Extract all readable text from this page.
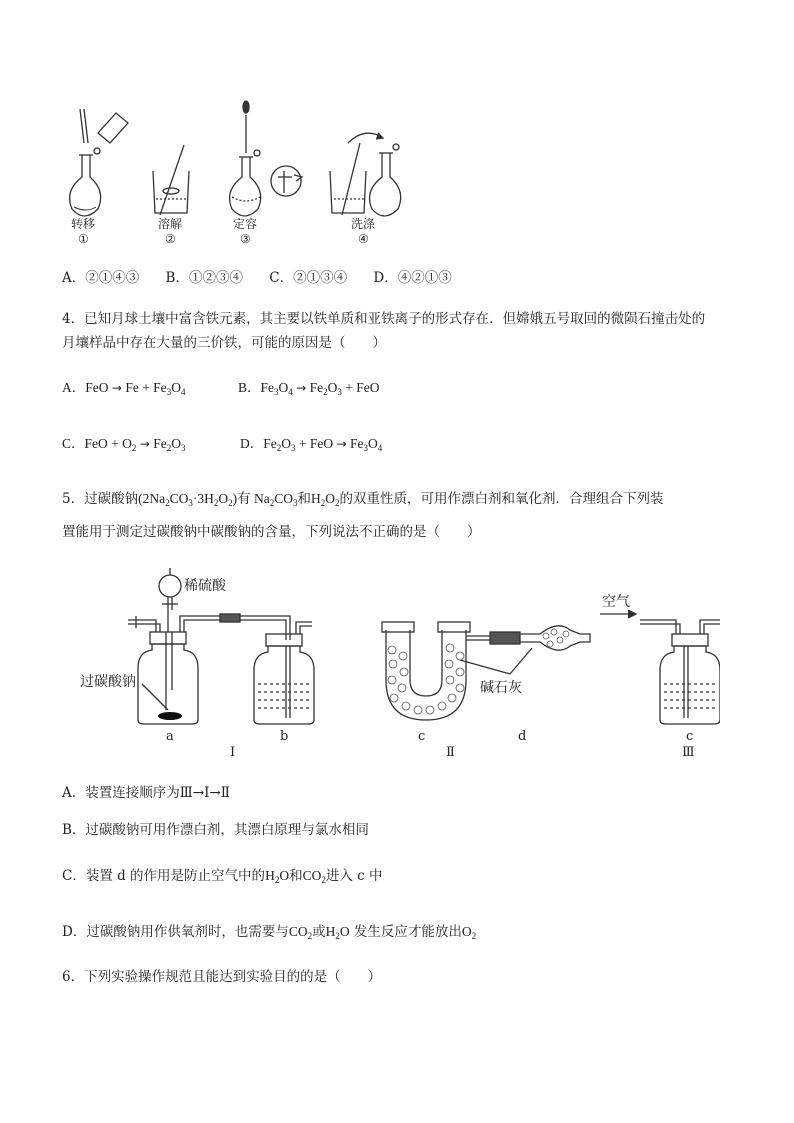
转移
①
溶解
②
定容
③
洗涤
④
A．②①④③ B．①②③④ C．②①③④ D．④②①③
4．已知月球土壤中富含铁元素，其主要以铁单质和亚铁离子的形式存在．但嫦娥五号取回的微陨石撞击处的
月壤样品中存在大量的三价铁，可能的原因是（　　）
A．FeO → $Fe + Fe_3O_4$	B．$Fe_3O_4 \to Fe_2O_3$ + FeO
C．FeO + $O_2 \to Fe_2O_3$	D．$Fe_2O_3$ + FeO → $Fe_3O_4$
5．过碳酸钠$(2Na_2CO_3\cdot 3H_2O_2)$有 $Na_2CO_3$和$H_2O_2$的双重性质，可用作漂白剂和氧化剂．合理组合下列装
置能用于测定过碳酸钠中碳酸钠的含量，下列说法不正确的是（　　）
稀硫酸
过碳酸钠	碱石灰
空气
a	b	c	d	c
Ⅰ	Ⅱ	Ⅲ
A．装置连接顺序为Ⅲ→Ⅰ→Ⅱ
B．过碳酸钠可用作漂白剂，其漂白原理与氯水相同
C．装置 d 的作用是防止空气中的$H_2O$和$CO_2$进入 c 中
D．过碳酸钠用作供氧剂时，也需要与$CO_2$或$H_2O$ 发生反应才能放出$O_2$
6．下列实验操作规范且能达到实验目的的是（　　）
